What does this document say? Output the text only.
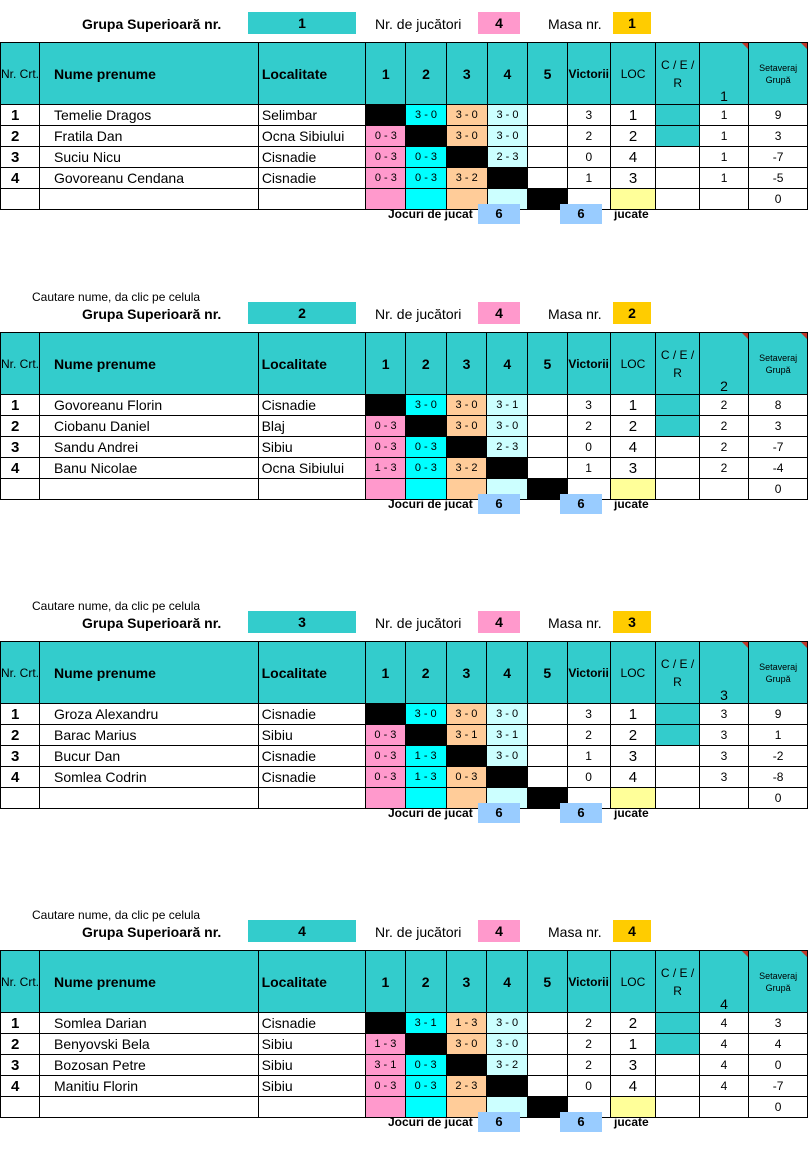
Grupa Superioară nr.	1	Nr. de jucători	4	Masa nr.	1
Nr. Crt.	Nume prenume	Localitate	1	2	3	4	5	Victorii	LOC	C / E / R	1	Setaveraj Grupă
1	Temelie Dragos	Selimbar		3 - 0	3 - 0	3 - 0		3	1		1	9
2	Fratila Dan	Ocna Sibiului	0 - 3		3 - 0	3 - 0		2	2		1	3
3	Suciu Nicu	Cisnadie	0 - 3	0 - 3		2 - 3		0	4		1	-7
4	Govoreanu Cendana	Cisnadie	0 - 3	0 - 3	3 - 2			1	3		1	-5
												0
Jocuri de jucat	6	6	jucate
Cautare nume, da clic pe celula
Grupa Superioară nr.	2	Nr. de jucători	4	Masa nr.	2
Nr. Crt.	Nume prenume	Localitate	1	2	3	4	5	Victorii	LOC	C / E / R	2	Setaveraj Grupă
1	Govoreanu Florin	Cisnadie		3 - 0	3 - 0	3 - 1		3	1		2	8
2	Ciobanu Daniel	Blaj	0 - 3		3 - 0	3 - 0		2	2		2	3
3	Sandu Andrei	Sibiu	0 - 3	0 - 3		2 - 3		0	4		2	-7
4	Banu Nicolae	Ocna Sibiului	1 - 3	0 - 3	3 - 2			1	3		2	-4
												0
Jocuri de jucat	6	6	jucate
Cautare nume, da clic pe celula
Grupa Superioară nr.	3	Nr. de jucători	4	Masa nr.	3
Nr. Crt.	Nume prenume	Localitate	1	2	3	4	5	Victorii	LOC	C / E / R	3	Setaveraj Grupă
1	Groza Alexandru	Cisnadie		3 - 0	3 - 0	3 - 0		3	1		3	9
2	Barac Marius	Sibiu	0 - 3		3 - 1	3 - 1		2	2		3	1
3	Bucur Dan	Cisnadie	0 - 3	1 - 3		3 - 0		1	3		3	-2
4	Somlea Codrin	Cisnadie	0 - 3	1 - 3	0 - 3			0	4		3	-8
												0
Jocuri de jucat	6	6	jucate
Cautare nume, da clic pe celula
Grupa Superioară nr.	4	Nr. de jucători	4	Masa nr.	4
Nr. Crt.	Nume prenume	Localitate	1	2	3	4	5	Victorii	LOC	C / E / R	4	Setaveraj Grupă
1	Somlea Darian	Cisnadie		3 - 1	1 - 3	3 - 0		2	2		4	3
2	Benyovski Bela	Sibiu	1 - 3		3 - 0	3 - 0		2	1		4	4
3	Bozosan Petre	Sibiu	3 - 1	0 - 3		3 - 2		2	3		4	0
4	Manitiu Florin	Sibiu	0 - 3	0 - 3	2 - 3			0	4		4	-7
												0
Jocuri de jucat	6	6	jucate
